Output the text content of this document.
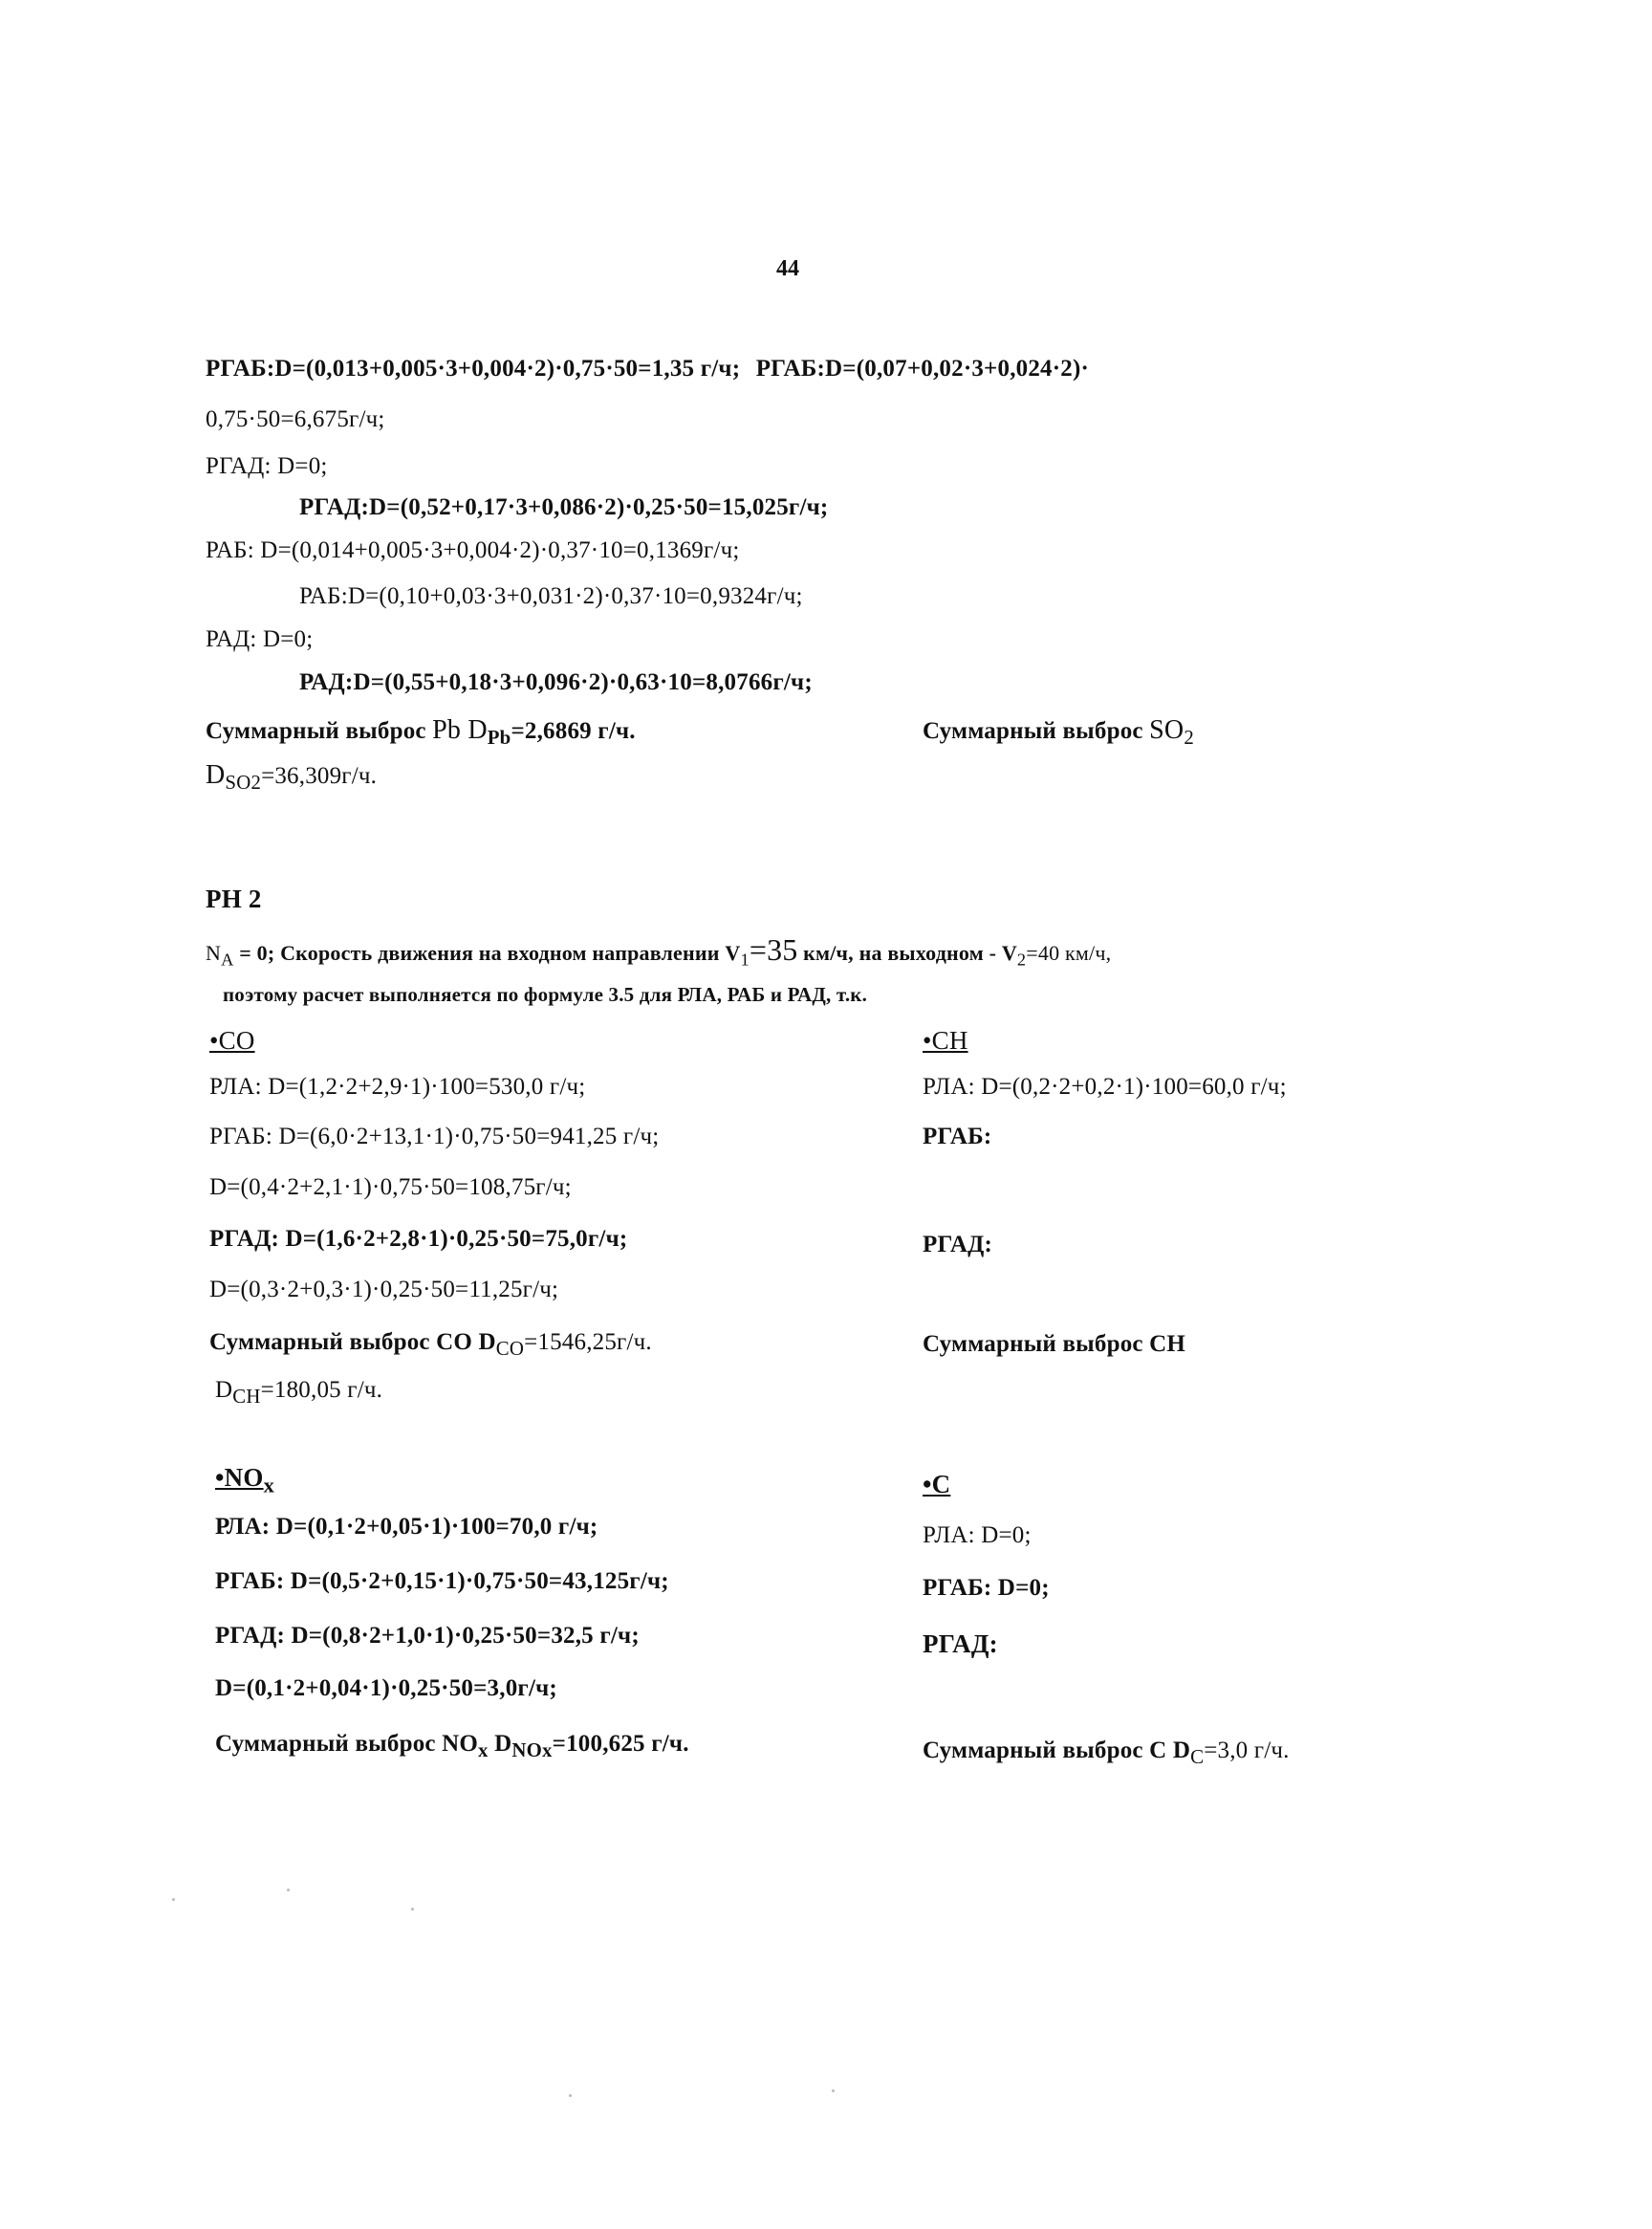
44
РГАБ:D=(0,013+0,005·3+0,004·2)·0,75·50=1,35 г/ч; РГАБ:D=(0,07+0,02·3+0,024·2)·
0,75·50=6,675г/ч;
РГАД: D=0;
РГАД:D=(0,52+0,17·3+0,086·2)·0,25·50=15,025г/ч;
РАБ: D=(0,014+0,005·3+0,004·2)·0,37·10=0,1369г/ч;
РАБ:D=(0,10+0,03·3+0,031·2)·0,37·10=0,9324г/ч;
РАД: D=0;
РАД:D=(0,55+0,18·3+0,096·2)·0,63·10=8,0766г/ч;
Суммарный выброс Pb $D_{Pb}=2,6869$ г/ч.	Суммарный выброс $SO_2$
$D_{SO2}=36,309г/ч$.
РН 2
$N_A = 0$; Скорость движения на входном направлении $V_1=35$ км/ч, на выходном - $V_2=40$ км/ч,
поэтому расчет выполняется по формуле 3.5 для РЛА, РАБ и РАД, т.к.
•CO	•CH
РЛА: D=(1,2·2+2,9·1)·100=530,0 г/ч;	РЛА: D=(0,2·2+0,2·1)·100=60,0 г/ч;
РГАБ: D=(6,0·2+13,1·1)·0,75·50=941,25 г/ч;	РГАБ:
D=(0,4·2+2,1·1)·0,75·50=108,75г/ч;
РГАД: D=(1,6·2+2,8·1)·0,25·50=75,0г/ч;	РГАД:
D=(0,3·2+0,3·1)·0,25·50=11,25г/ч;
Суммарный выброс CO $D_{CO}=1546,25г/ч$.	Суммарный выброс CH
$D_{CH}=180,05$ г/ч.
$•NO_x$	•C
РЛА: D=(0,1·2+0,05·1)·100=70,0 г/ч;	РЛА: D=0;
РГАБ: D=(0,5·2+0,15·1)·0,75·50=43,125г/ч;	РГАБ: D=0;
РГАД: D=(0,8·2+1,0·1)·0,25·50=32,5 г/ч;	РГАД:
D=(0,1·2+0,04·1)·0,25·50=3,0г/ч;
Суммарный выброс $NO_x$ $D_{NOx}=100,625$ г/ч.	Суммарный выброс C $D_C=3,0$ г/ч.
